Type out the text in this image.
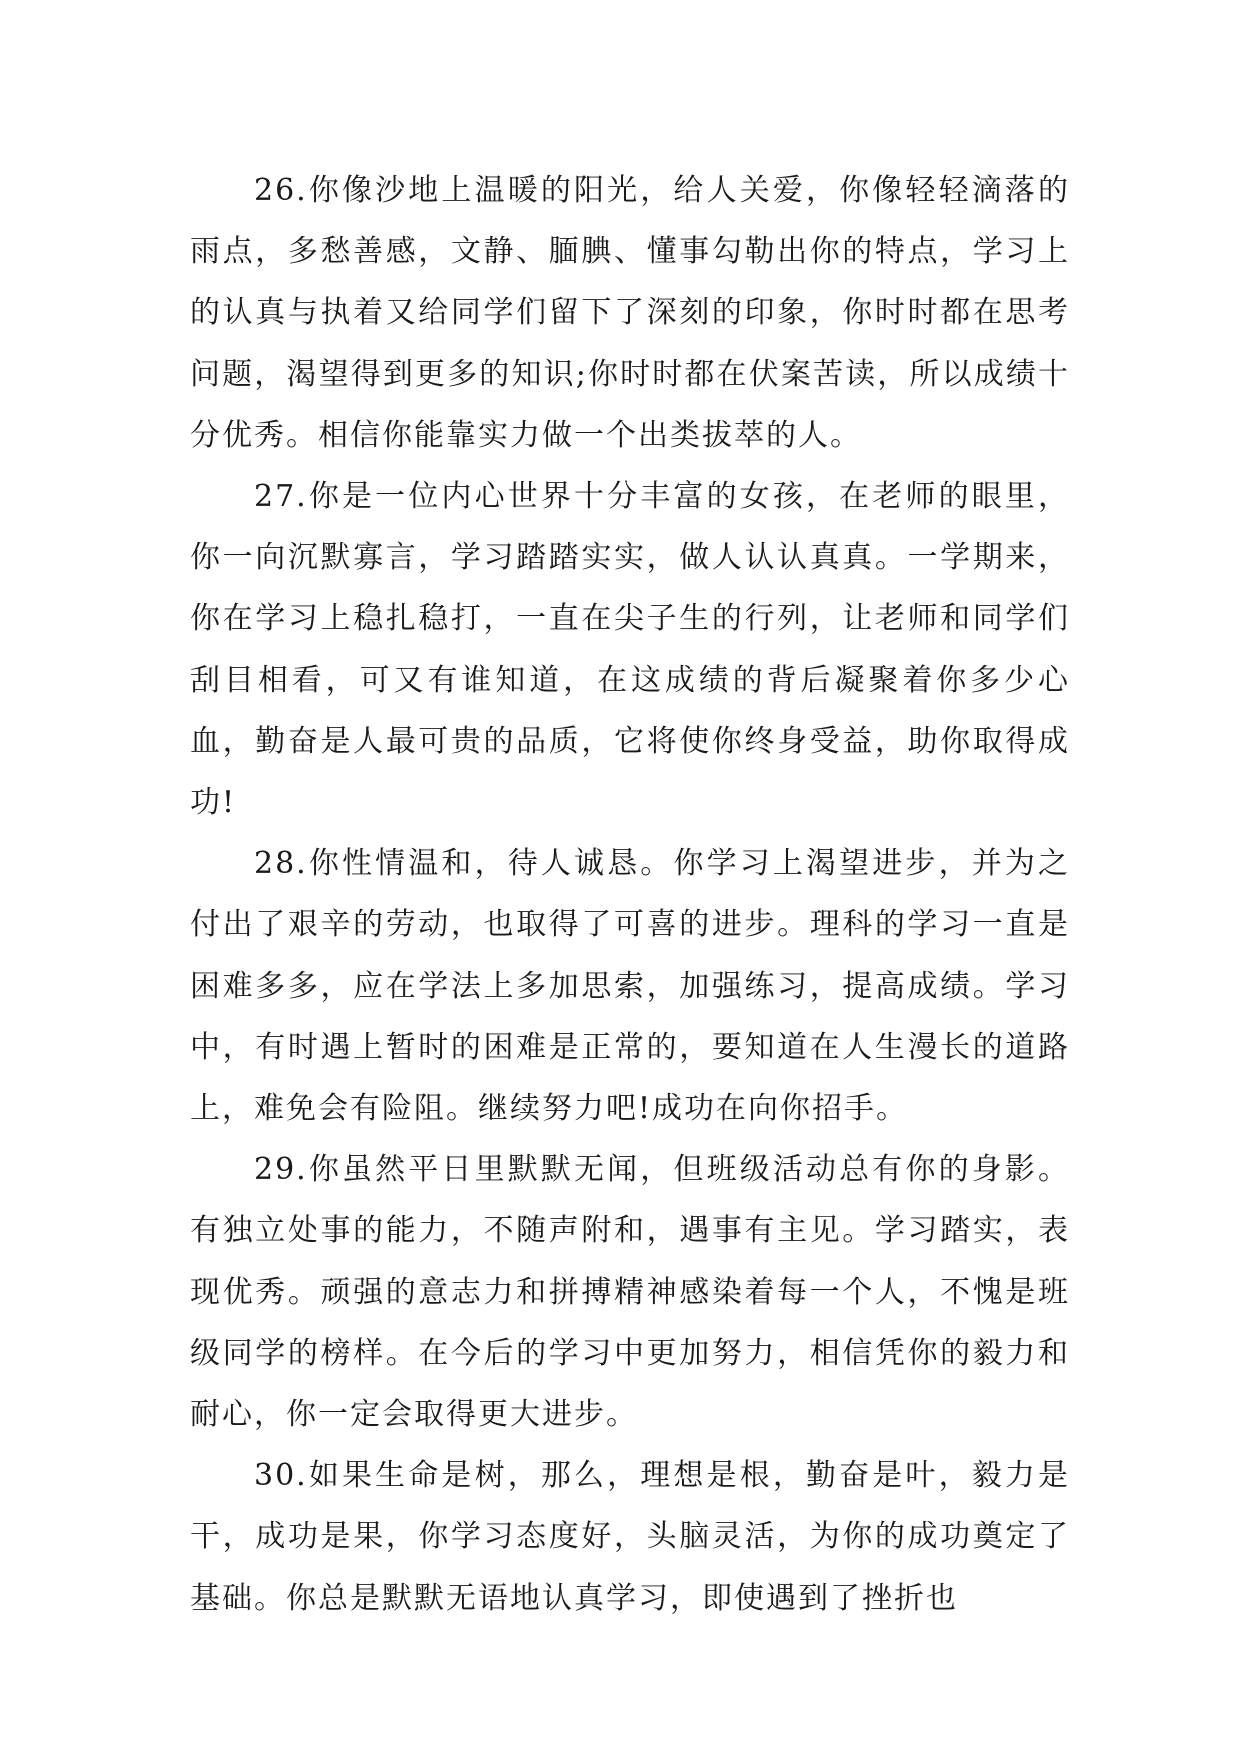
26.你像沙地上温暖的阳光，给人关爱，你像轻轻滴落的雨点，多愁善感，文静、腼腆、懂事勾勒出你的特点，学习上的认真与执着又给同学们留下了深刻的印象，你时时都在思考问题，渴望得到更多的知识;你时时都在伏案苦读，所以成绩十分优秀。相信你能靠实力做一个出类拔萃的人。

27.你是一位内心世界十分丰富的女孩，在老师的眼里，你一向沉默寡言，学习踏踏实实，做人认认真真。一学期来，你在学习上稳扎稳打，一直在尖子生的行列，让老师和同学们刮目相看，可又有谁知道，在这成绩的背后凝聚着你多少心血，勤奋是人最可贵的品质，它将使你终身受益，助你取得成功!

28.你性情温和，待人诚恳。你学习上渴望进步，并为之付出了艰辛的劳动，也取得了可喜的进步。理科的学习一直是困难多多，应在学法上多加思索，加强练习，提高成绩。学习中，有时遇上暂时的困难是正常的，要知道在人生漫长的道路上，难免会有险阻。继续努力吧!成功在向你招手。

29.你虽然平日里默默无闻，但班级活动总有你的身影。有独立处事的能力，不随声附和，遇事有主见。学习踏实，表现优秀。顽强的意志力和拼搏精神感染着每一个人，不愧是班级同学的榜样。在今后的学习中更加努力，相信凭你的毅力和耐心，你一定会取得更大进步。

30.如果生命是树，那么，理想是根，勤奋是叶，毅力是干，成功是果，你学习态度好，头脑灵活，为你的成功奠定了基础。你总是默默无语地认真学习，即使遇到了挫折也
